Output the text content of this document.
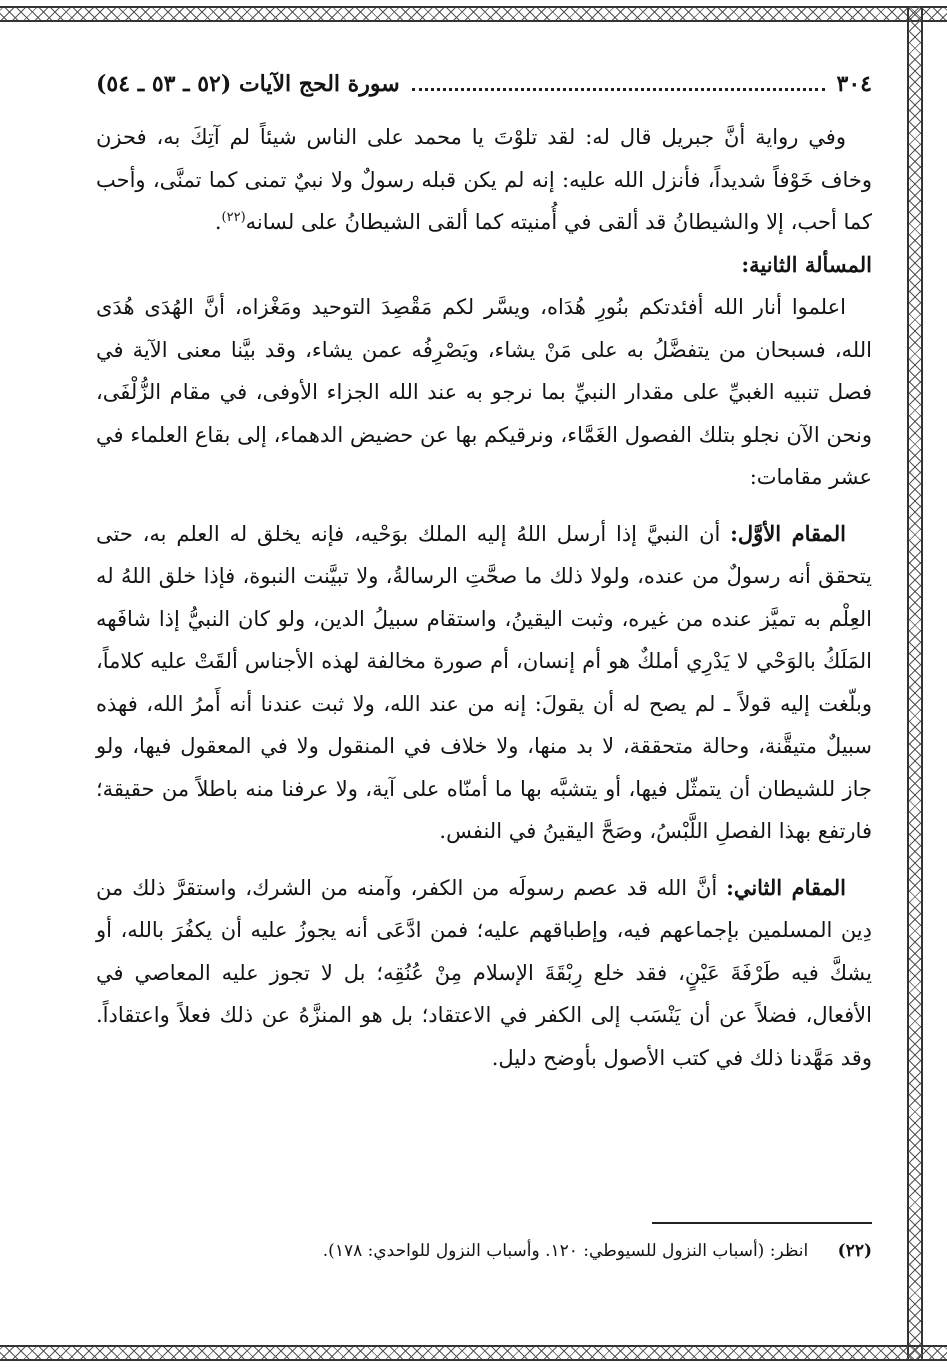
٣٠٤
سورة الحج الآيات (٥٢ ـ ٥٣ ـ ٥٤)

وفي رواية أنَّ جبريل قال له: لقد تلوْتَ يا محمد على الناس شيئاً لم آتِكَ به، فحزن وخاف خَوْفاً شديداً، فأنزل الله عليه: إنه لم يكن قبله رسولٌ ولا نبيٌ تمنى كما تمنَّى، وأحب كما أحب، إلا والشيطانُ قد ألقى في أُمنيته كما ألقى الشيطانُ على لسانه$^{(٢٢)}$.

المسألة الثانية:

اعلموا أنار الله أفئدتكم بنُورِ هُدَاه، ويسَّر لكم مَقْصِدَ التوحيد ومَغْزاه، أنَّ الهُدَى هُدَى الله، فسبحان من يتفضَّلُ به على مَنْ يشاء، ويَصْرِفُه عمن يشاء، وقد بيَّنا معنى الآية في فصل تنبيه الغبيِّ على مقدار النبيِّ بما نرجو به عند الله الجزاء الأوفى، في مقام الزُّلْفَى، ونحن الآن نجلو بتلك الفصول الغَمَّاء، ونرقيكم بها عن حضيض الدهماء، إلى بقاع العلماء في عشر مقامات:

المقام الأوَّل: أن النبيَّ إذا أرسل اللهُ إليه الملك بوَحْيه، فإنه يخلق له العلم به، حتى يتحقق أنه رسولٌ من عنده، ولولا ذلك ما صحَّتِ الرسالةُ، ولا تبيَّنت النبوة، فإذا خلق اللهُ له العِلْم به تميَّز عنده من غيره، وثبت اليقينُ، واستقام سبيلُ الدين، ولو كان النبيُّ إذا شافَهه المَلَكُ بالوَحْي لا يَدْرِي أملكٌ هو أم إنسان، أم صورة مخالفة لهذه الأجناس ألقَتْ عليه كلاماً، وبلّغت إليه قولاً ـ لم يصح له أن يقولَ: إنه من عند الله، ولا ثبت عندنا أنه أَمرُ الله، فهذه سبيلٌ متيقَّنة، وحالة متحققة، لا بد منها، ولا خلاف في المنقول ولا في المعقول فيها، ولو جاز للشيطان أن يتمثّل فيها، أو يتشبَّه بها ما أمنّاه على آية، ولا عرفنا منه باطلاً من حقيقة؛ فارتفع بهذا الفصلِ اللَّبْسُ، وصَحَّ اليقينُ في النفس.

المقام الثاني: أنَّ الله قد عصم رسولَه من الكفر، وآمنه من الشرك، واستقرَّ ذلك من دِين المسلمين بإجماعهم فيه، وإطباقهم عليه؛ فمن ادَّعَى أنه يجوزُ عليه أن يكفُرَ بالله، أو يشكَّ فيه طَرْفَةَ عَيْنٍ، فقد خلع رِبْقَةَ الإسلام مِنْ عُنُقِه؛ بل لا تجوز عليه المعاصي في الأفعال، فضلاً عن أن يَنْسَب إلى الكفر في الاعتقاد؛ بل هو المنزَّهُ عن ذلك فعلاً واعتقاداً. وقد مَهَّدنا ذلك في كتب الأصول بأوضح دليل.

(٢٢) انظر: (أسباب النزول للسيوطي: ١٢٠. وأسباب النزول للواحدي: ١٧٨).
